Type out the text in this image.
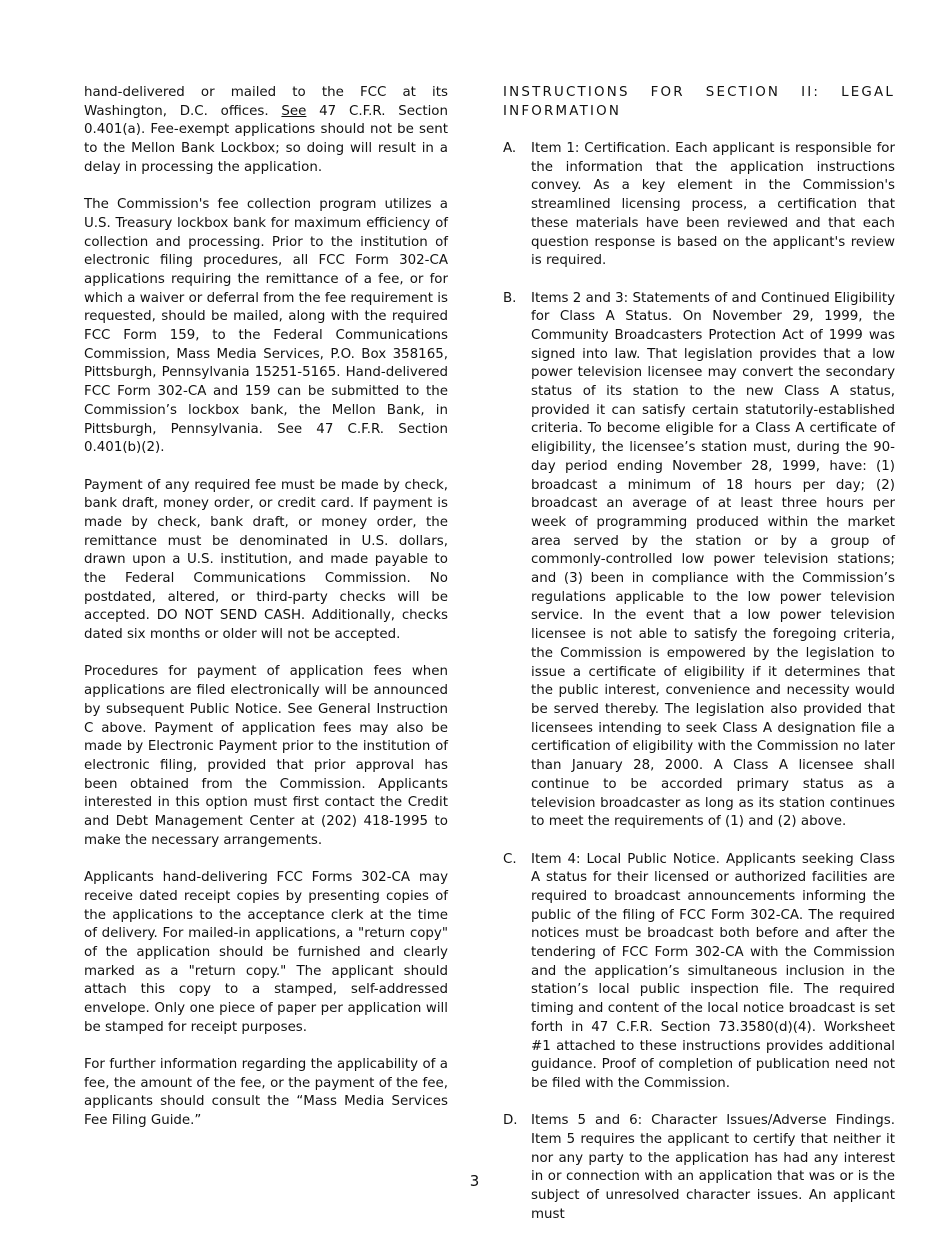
hand-delivered or mailed to the FCC at its Washington, D.C. offices. See 47 C.F.R. Section 0.401(a). Fee-exempt applications should not be sent to the Mellon Bank Lockbox; so doing will result in a delay in processing the application.

The Commission's fee collection program utilizes a U.S. Treasury lockbox bank for maximum efficiency of collection and processing. Prior to the institution of electronic filing procedures, all FCC Form 302-CA applications requiring the remittance of a fee, or for which a waiver or deferral from the fee requirement is requested, should be mailed, along with the required FCC Form 159, to the Federal Communications Commission, Mass Media Services, P.O. Box 358165, Pittsburgh, Pennsylvania 15251-5165. Hand-delivered FCC Form 302-CA and 159 can be submitted to the Commission’s lockbox bank, the Mellon Bank, in Pittsburgh, Pennsylvania. See 47 C.F.R. Section 0.401(b)(2).

Payment of any required fee must be made by check, bank draft, money order, or credit card. If payment is made by check, bank draft, or money order, the remittance must be denominated in U.S. dollars, drawn upon a U.S. institution, and made payable to the Federal Communications Commission. No postdated, altered, or third-party checks will be accepted. DO NOT SEND CASH. Additionally, checks dated six months or older will not be accepted.

Procedures for payment of application fees when applications are filed electronically will be announced by subsequent Public Notice. See General Instruction C above. Payment of application fees may also be made by Electronic Payment prior to the institution of electronic filing, provided that prior approval has been obtained from the Commission. Applicants interested in this option must first contact the Credit and Debt Management Center at (202) 418-1995 to make the necessary arrangements.

Applicants hand-delivering FCC Forms 302-CA may receive dated receipt copies by presenting copies of the applications to the acceptance clerk at the time of delivery. For mailed-in applications, a "return copy" of the application should be furnished and clearly marked as a "return copy." The applicant should attach this copy to a stamped, self-addressed envelope. Only one piece of paper per application will be stamped for receipt purposes.

For further information regarding the applicability of a fee, the amount of the fee, or the payment of the fee, applicants should consult the “Mass Media Services Fee Filing Guide.”

INSTRUCTIONS FOR SECTION II: LEGAL
INFORMATION
A. Item 1: Certification. Each applicant is responsible for the information that the application instructions convey. As a key element in the Commission's streamlined licensing process, a certification that these materials have been reviewed and that each question response is based on the applicant's review is required.
B. Items 2 and 3: Statements of and Continued Eligibility for Class A Status. On November 29, 1999, the Community Broadcasters Protection Act of 1999 was signed into law. That legislation provides that a low power television licensee may convert the secondary status of its station to the new Class A status, provided it can satisfy certain statutorily-established criteria. To become eligible for a Class A certificate of eligibility, the licensee’s station must, during the 90-day period ending November 28, 1999, have: (1) broadcast a minimum of 18 hours per day; (2) broadcast an average of at least three hours per week of programming produced within the market area served by the station or by a group of commonly-controlled low power television stations; and (3) been in compliance with the Commission’s regulations applicable to the low power television service. In the event that a low power television licensee is not able to satisfy the foregoing criteria, the Commission is empowered by the legislation to issue a certificate of eligibility if it determines that the public interest, convenience and necessity would be served thereby. The legislation also provided that licensees intending to seek Class A designation file a certification of eligibility with the Commission no later than January 28, 2000. A Class A licensee shall continue to be accorded primary status as a television broadcaster as long as its station continues to meet the requirements of (1) and (2) above.
C. Item 4: Local Public Notice. Applicants seeking Class A status for their licensed or authorized facilities are required to broadcast announcements informing the public of the filing of FCC Form 302-CA. The required notices must be broadcast both before and after the tendering of FCC Form 302-CA with the Commission and the application’s simultaneous inclusion in the station’s local public inspection file. The required timing and content of the local notice broadcast is set forth in 47 C.F.R. Section 73.3580(d)(4). Worksheet #1 attached to these instructions provides additional guidance. Proof of completion of publication need not be filed with the Commission.
D. Items 5 and 6: Character Issues/Adverse Findings. Item 5 requires the applicant to certify that neither it nor any party to the application has had any interest in or connection with an application that was or is the subject of unresolved character issues. An applicant must
3
